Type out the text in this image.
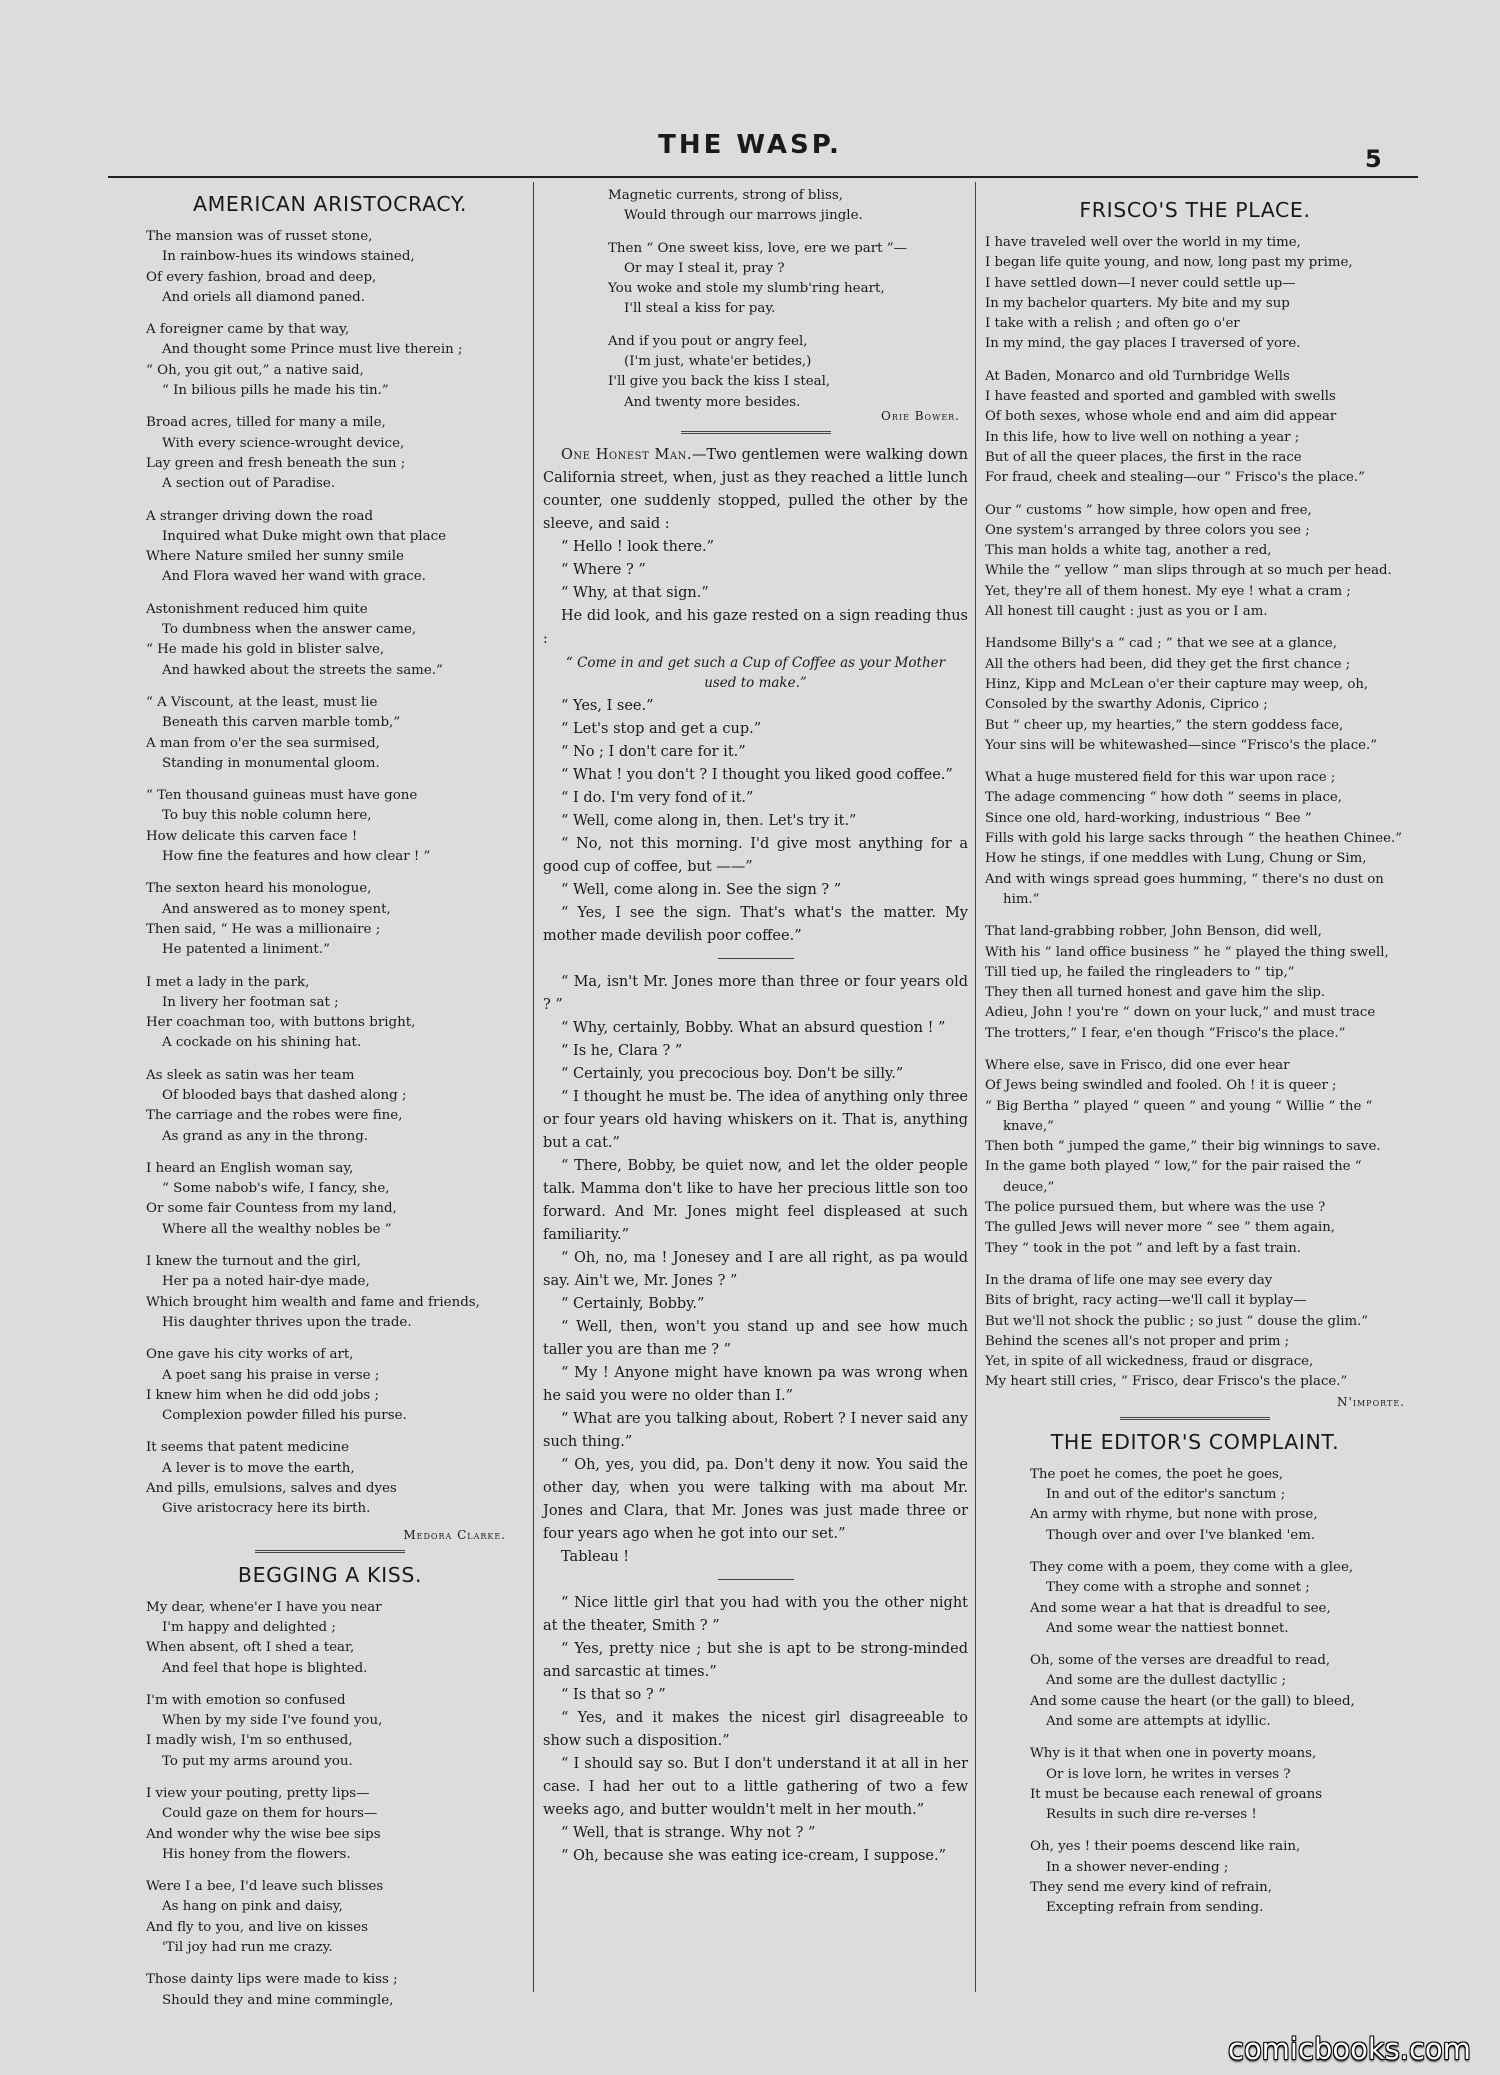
THE WASP.	5
AMERICAN ARISTOCRACY.
The mansion was of russet stone,
In rainbow-hues its windows stained,
Of every fashion, broad and deep,
And oriels all diamond paned.
A foreigner came by that way,
And thought some Prince must live therein ;
“ Oh, you git out,” a native said,
“ In bilious pills he made his tin.”
Broad acres, tilled for many a mile,
With every science-wrought device,
Lay green and fresh beneath the sun ;
A section out of Paradise.
A stranger driving down the road
Inquired what Duke might own that place
Where Nature smiled her sunny smile
And Flora waved her wand with grace.
Astonishment reduced him quite
To dumbness when the answer came,
“ He made his gold in blister salve,
And hawked about the streets the same.”
“ A Viscount, at the least, must lie
Beneath this carven marble tomb,”
A man from o'er the sea surmised,
Standing in monumental gloom.
“ Ten thousand guineas must have gone
To buy this noble column here,
How delicate this carven face !
How fine the features and how clear ! ”
The sexton heard his monologue,
And answered as to money spent,
Then said, “ He was a millionaire ;
He patented a liniment.”
I met a lady in the park,
In livery her footman sat ;
Her coachman too, with buttons bright,
A cockade on his shining hat.
As sleek as satin was her team
Of blooded bays that dashed along ;
The carriage and the robes were fine,
As grand as any in the throng.
I heard an English woman say,
“ Some nabob's wife, I fancy, she,
Or some fair Countess from my land,
Where all the wealthy nobles be ”
I knew the turnout and the girl,
Her pa a noted hair-dye made,
Which brought him wealth and fame and friends,
His daughter thrives upon the trade.
One gave his city works of art,
A poet sang his praise in verse ;
I knew him when he did odd jobs ;
Complexion powder filled his purse.
It seems that patent medicine
A lever is to move the earth,
And pills, emulsions, salves and dyes
Give aristocracy here its birth.
Medora Clarke.
BEGGING A KISS.
My dear, whene'er I have you near
I'm happy and delighted ;
When absent, oft I shed a tear,
And feel that hope is blighted.
I'm with emotion so confused
When by my side I've found you,
I madly wish, I'm so enthused,
To put my arms around you.
I view your pouting, pretty lips—
Could gaze on them for hours—
And wonder why the wise bee sips
His honey from the flowers.
Were I a bee, I'd leave such blisses
As hang on pink and daisy,
And fly to you, and live on kisses
'Til joy had run me crazy.
Those dainty lips were made to kiss ;
Should they and mine commingle,
Magnetic currents, strong of bliss,
Would through our marrows jingle.
Then “ One sweet kiss, love, ere we part ”—
Or may I steal it, pray ?
You woke and stole my slumb'ring heart,
I'll steal a kiss for pay.
And if you pout or angry feel,
(I'm just, whate'er betides,)
I'll give you back the kiss I steal,
And twenty more besides.
Orie Bower.

One Honest Man.—Two gentlemen were walking down California street, when, just as they reached a little lunch counter, one suddenly stopped, pulled the other by the sleeve, and said :

“ Hello ! look there.”

“ Where ? ”

“ Why, at that sign.”

He did look, and his gaze rested on a sign reading thus :

“ Come in and get such a Cup of Coffee as your Mother used to make.”

“ Yes, I see.”

“ Let's stop and get a cup.”

“ No ; I don't care for it.”

“ What ! you don't ? I thought you liked good coffee.”

“ I do. I'm very fond of it.”

“ Well, come along in, then. Let's try it.”

“ No, not this morning. I'd give most anything for a good cup of coffee, but ——”

“ Well, come along in. See the sign ? ”

“ Yes, I see the sign. That's what's the matter. My mother made devilish poor coffee.”

“ Ma, isn't Mr. Jones more than three or four years old ? ”

“ Why, certainly, Bobby. What an absurd question ! ”

“ Is he, Clara ? ”

“ Certainly, you precocious boy. Don't be silly.”

“ I thought he must be. The idea of anything only three or four years old having whiskers on it. That is, anything but a cat.”

“ There, Bobby, be quiet now, and let the older people talk. Mamma don't like to have her precious little son too forward. And Mr. Jones might feel displeased at such familiarity.”

“ Oh, no, ma ! Jonesey and I are all right, as pa would say. Ain't we, Mr. Jones ? ”

“ Certainly, Bobby.”

“ Well, then, won't you stand up and see how much taller you are than me ? ”

“ My ! Anyone might have known pa was wrong when he said you were no older than I.”

“ What are you talking about, Robert ? I never said any such thing.”

“ Oh, yes, you did, pa. Don't deny it now. You said the other day, when you were talking with ma about Mr. Jones and Clara, that Mr. Jones was just made three or four years ago when he got into our set.”

Tableau !

“ Nice little girl that you had with you the other night at the theater, Smith ? ”

“ Yes, pretty nice ; but she is apt to be strong-minded and sarcastic at times.”

“ Is that so ? ”

“ Yes, and it makes the nicest girl disagreeable to show such a disposition.”

“ I should say so. But I don't understand it at all in her case. I had her out to a little gathering of two a few weeks ago, and butter wouldn't melt in her mouth.”

“ Well, that is strange. Why not ? ”

“ Oh, because she was eating ice-cream, I suppose.”

FRISCO'S THE PLACE.
I have traveled well over the world in my time,
I began life quite young, and now, long past my prime,
I have settled down—I never could settle up—
In my bachelor quarters. My bite and my sup
I take with a relish ; and often go o'er
In my mind, the gay places I traversed of yore.
At Baden, Monarco and old Turnbridge Wells
I have feasted and sported and gambled with swells
Of both sexes, whose whole end and aim did appear
In this life, how to live well on nothing a year ;
But of all the queer places, the first in the race
For fraud, cheek and stealing—our “ Frisco's the place.”
Our “ customs ” how simple, how open and free,
One system's arranged by three colors you see ;
This man holds a white tag, another a red,
While the “ yellow ” man slips through at so much per head.
Yet, they're all of them honest. My eye ! what a cram ;
All honest till caught : just as you or I am.
Handsome Billy's a “ cad ; ” that we see at a glance,
All the others had been, did they get the first chance ;
Hinz, Kipp and McLean o'er their capture may weep, oh,
Consoled by the swarthy Adonis, Ciprico ;
But “ cheer up, my hearties,” the stern goddess face,
Your sins will be whitewashed—since “Frisco's the place.”
What a huge mustered field for this war upon race ;
The adage commencing “ how doth ” seems in place,
Since one old, hard-working, industrious “ Bee ”
Fills with gold his large sacks through “ the heathen Chinee.”
How he stings, if one meddles with Lung, Chung or Sim,
And with wings spread goes humming, “ there's no dust on him.”
That land-grabbing robber, John Benson, did well,
With his “ land office business ” he “ played the thing swell,
Till tied up, he failed the ringleaders to “ tip,”
They then all turned honest and gave him the slip.
Adieu, John ! you're “ down on your luck,” and must trace
The trotters,” I fear, e'en though “Frisco's the place.”
Where else, save in Frisco, did one ever hear
Of Jews being swindled and fooled. Oh ! it is queer ;
“ Big Bertha ” played “ queen ” and young “ Willie ” the “ knave,”
Then both “ jumped the game,” their big winnings to save.
In the game both played “ low,” for the pair raised the “ deuce,”
The police pursued them, but where was the use ?
The gulled Jews will never more “ see ” them again,
They “ took in the pot ” and left by a fast train.
In the drama of life one may see every day
Bits of bright, racy acting—we'll call it byplay—
But we'll not shock the public ; so just “ douse the glim.”
Behind the scenes all's not proper and prim ;
Yet, in spite of all wickedness, fraud or disgrace,
My heart still cries, “ Frisco, dear Frisco's the place.”
N'importe.
THE EDITOR'S COMPLAINT.
The poet he comes, the poet he goes,
In and out of the editor's sanctum ;
An army with rhyme, but none with prose,
Though over and over I've blanked 'em.
They come with a poem, they come with a glee,
They come with a strophe and sonnet ;
And some wear a hat that is dreadful to see,
And some wear the nattiest bonnet.
Oh, some of the verses are dreadful to read,
And some are the dullest dactyllic ;
And some cause the heart (or the gall) to bleed,
And some are attempts at idyllic.
Why is it that when one in poverty moans,
Or is love lorn, he writes in verses ?
It must be because each renewal of groans
Results in such dire re-verses !
Oh, yes ! their poems descend like rain,
In a shower never-ending ;
They send me every kind of refrain,
Excepting refrain from sending.
comicbooks.com
